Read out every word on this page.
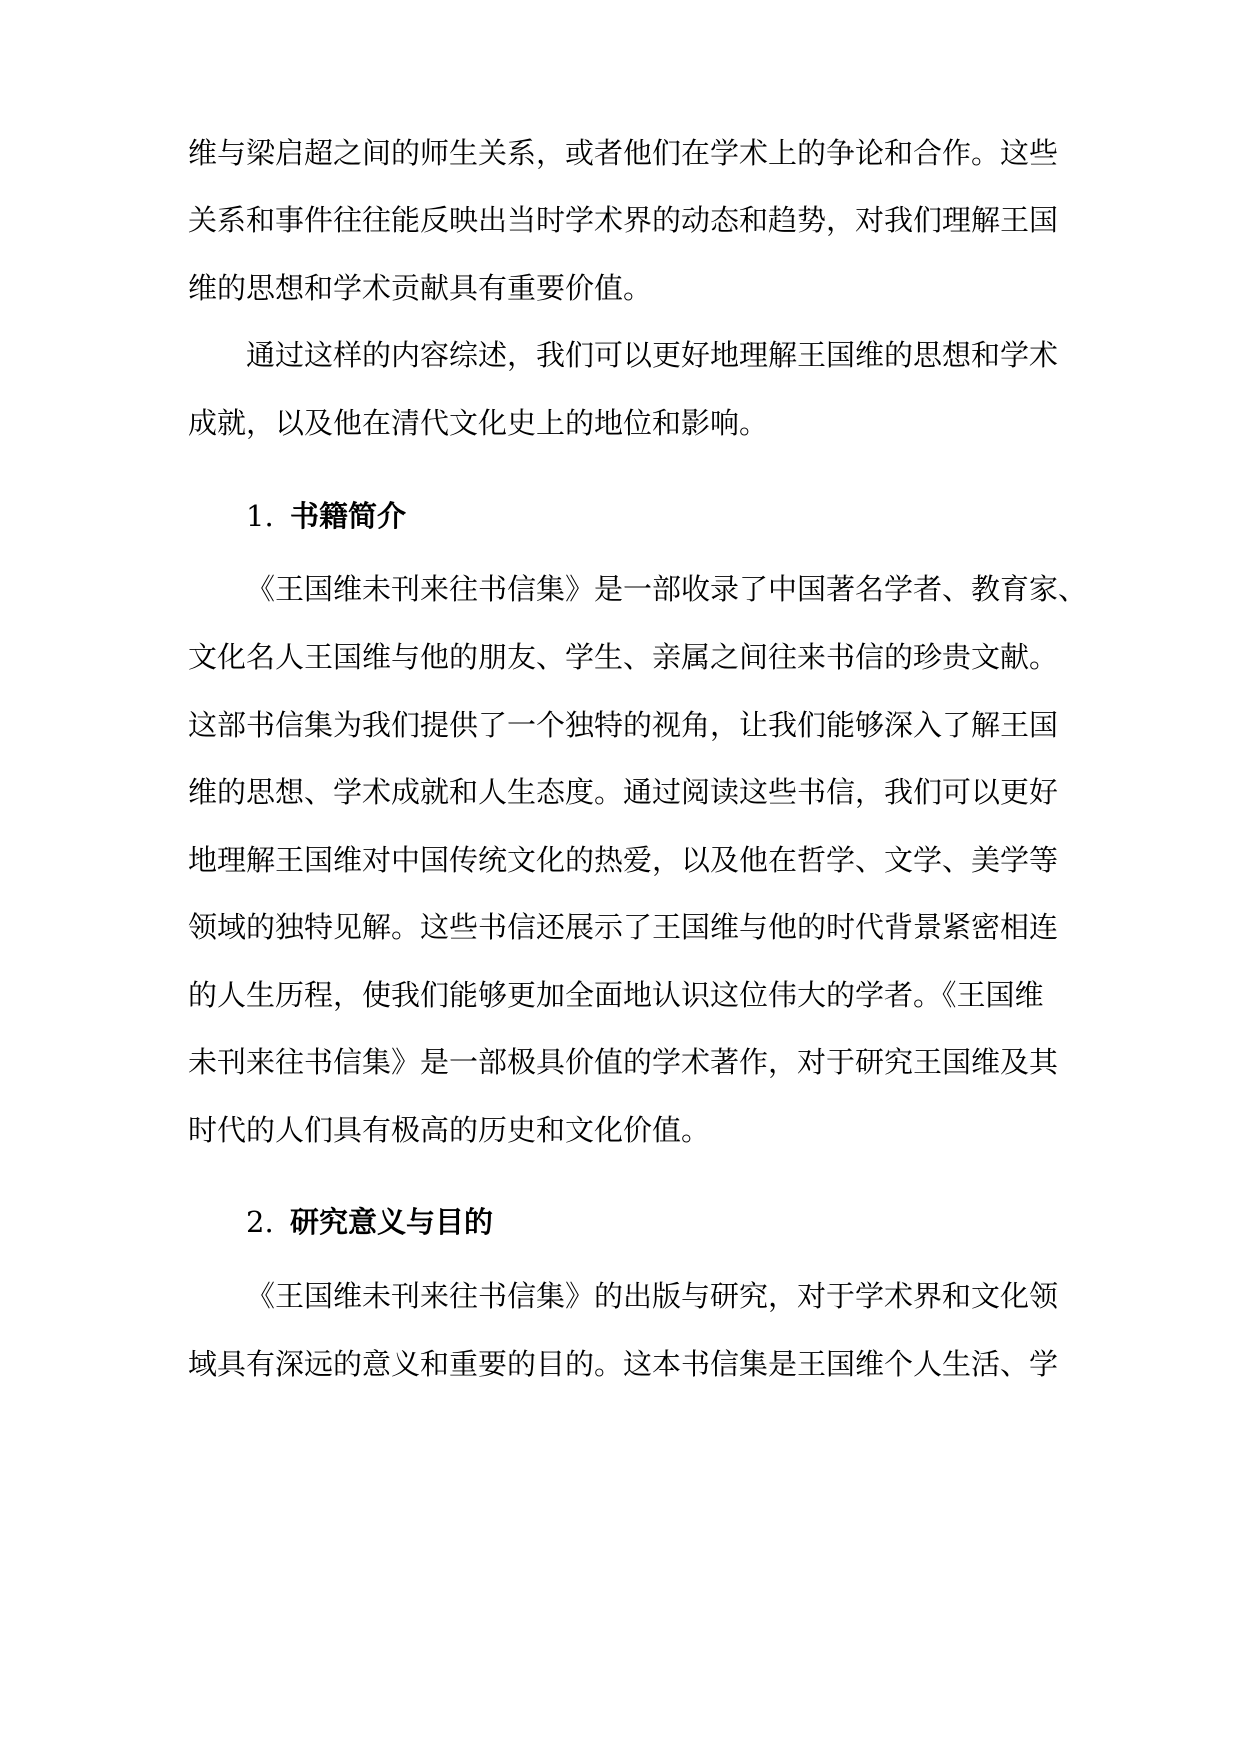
维与梁启超之间的师生关系，或者他们在学术上的争论和合作。这些
关系和事件往往能反映出当时学术界的动态和趋势，对我们理解王国
维的思想和学术贡献具有重要价值。
通过这样的内容综述，我们可以更好地理解王国维的思想和学术
成就，以及他在清代文化史上的地位和影响。
1. 书籍简介
《王国维未刊来往书信集》是一部收录了中国著名学者、教育家、
文化名人王国维与他的朋友、学生、亲属之间往来书信的珍贵文献。
这部书信集为我们提供了一个独特的视角，让我们能够深入了解王国
维的思想、学术成就和人生态度。通过阅读这些书信，我们可以更好
地理解王国维对中国传统文化的热爱，以及他在哲学、文学、美学等
领域的独特见解。这些书信还展示了王国维与他的时代背景紧密相连
的人生历程，使我们能够更加全面地认识这位伟大的学者。《王国维
未刊来往书信集》是一部极具价值的学术著作，对于研究王国维及其
时代的人们具有极高的历史和文化价值。
2. 研究意义与目的
《王国维未刊来往书信集》的出版与研究，对于学术界和文化领
域具有深远的意义和重要的目的。这本书信集是王国维个人生活、学
